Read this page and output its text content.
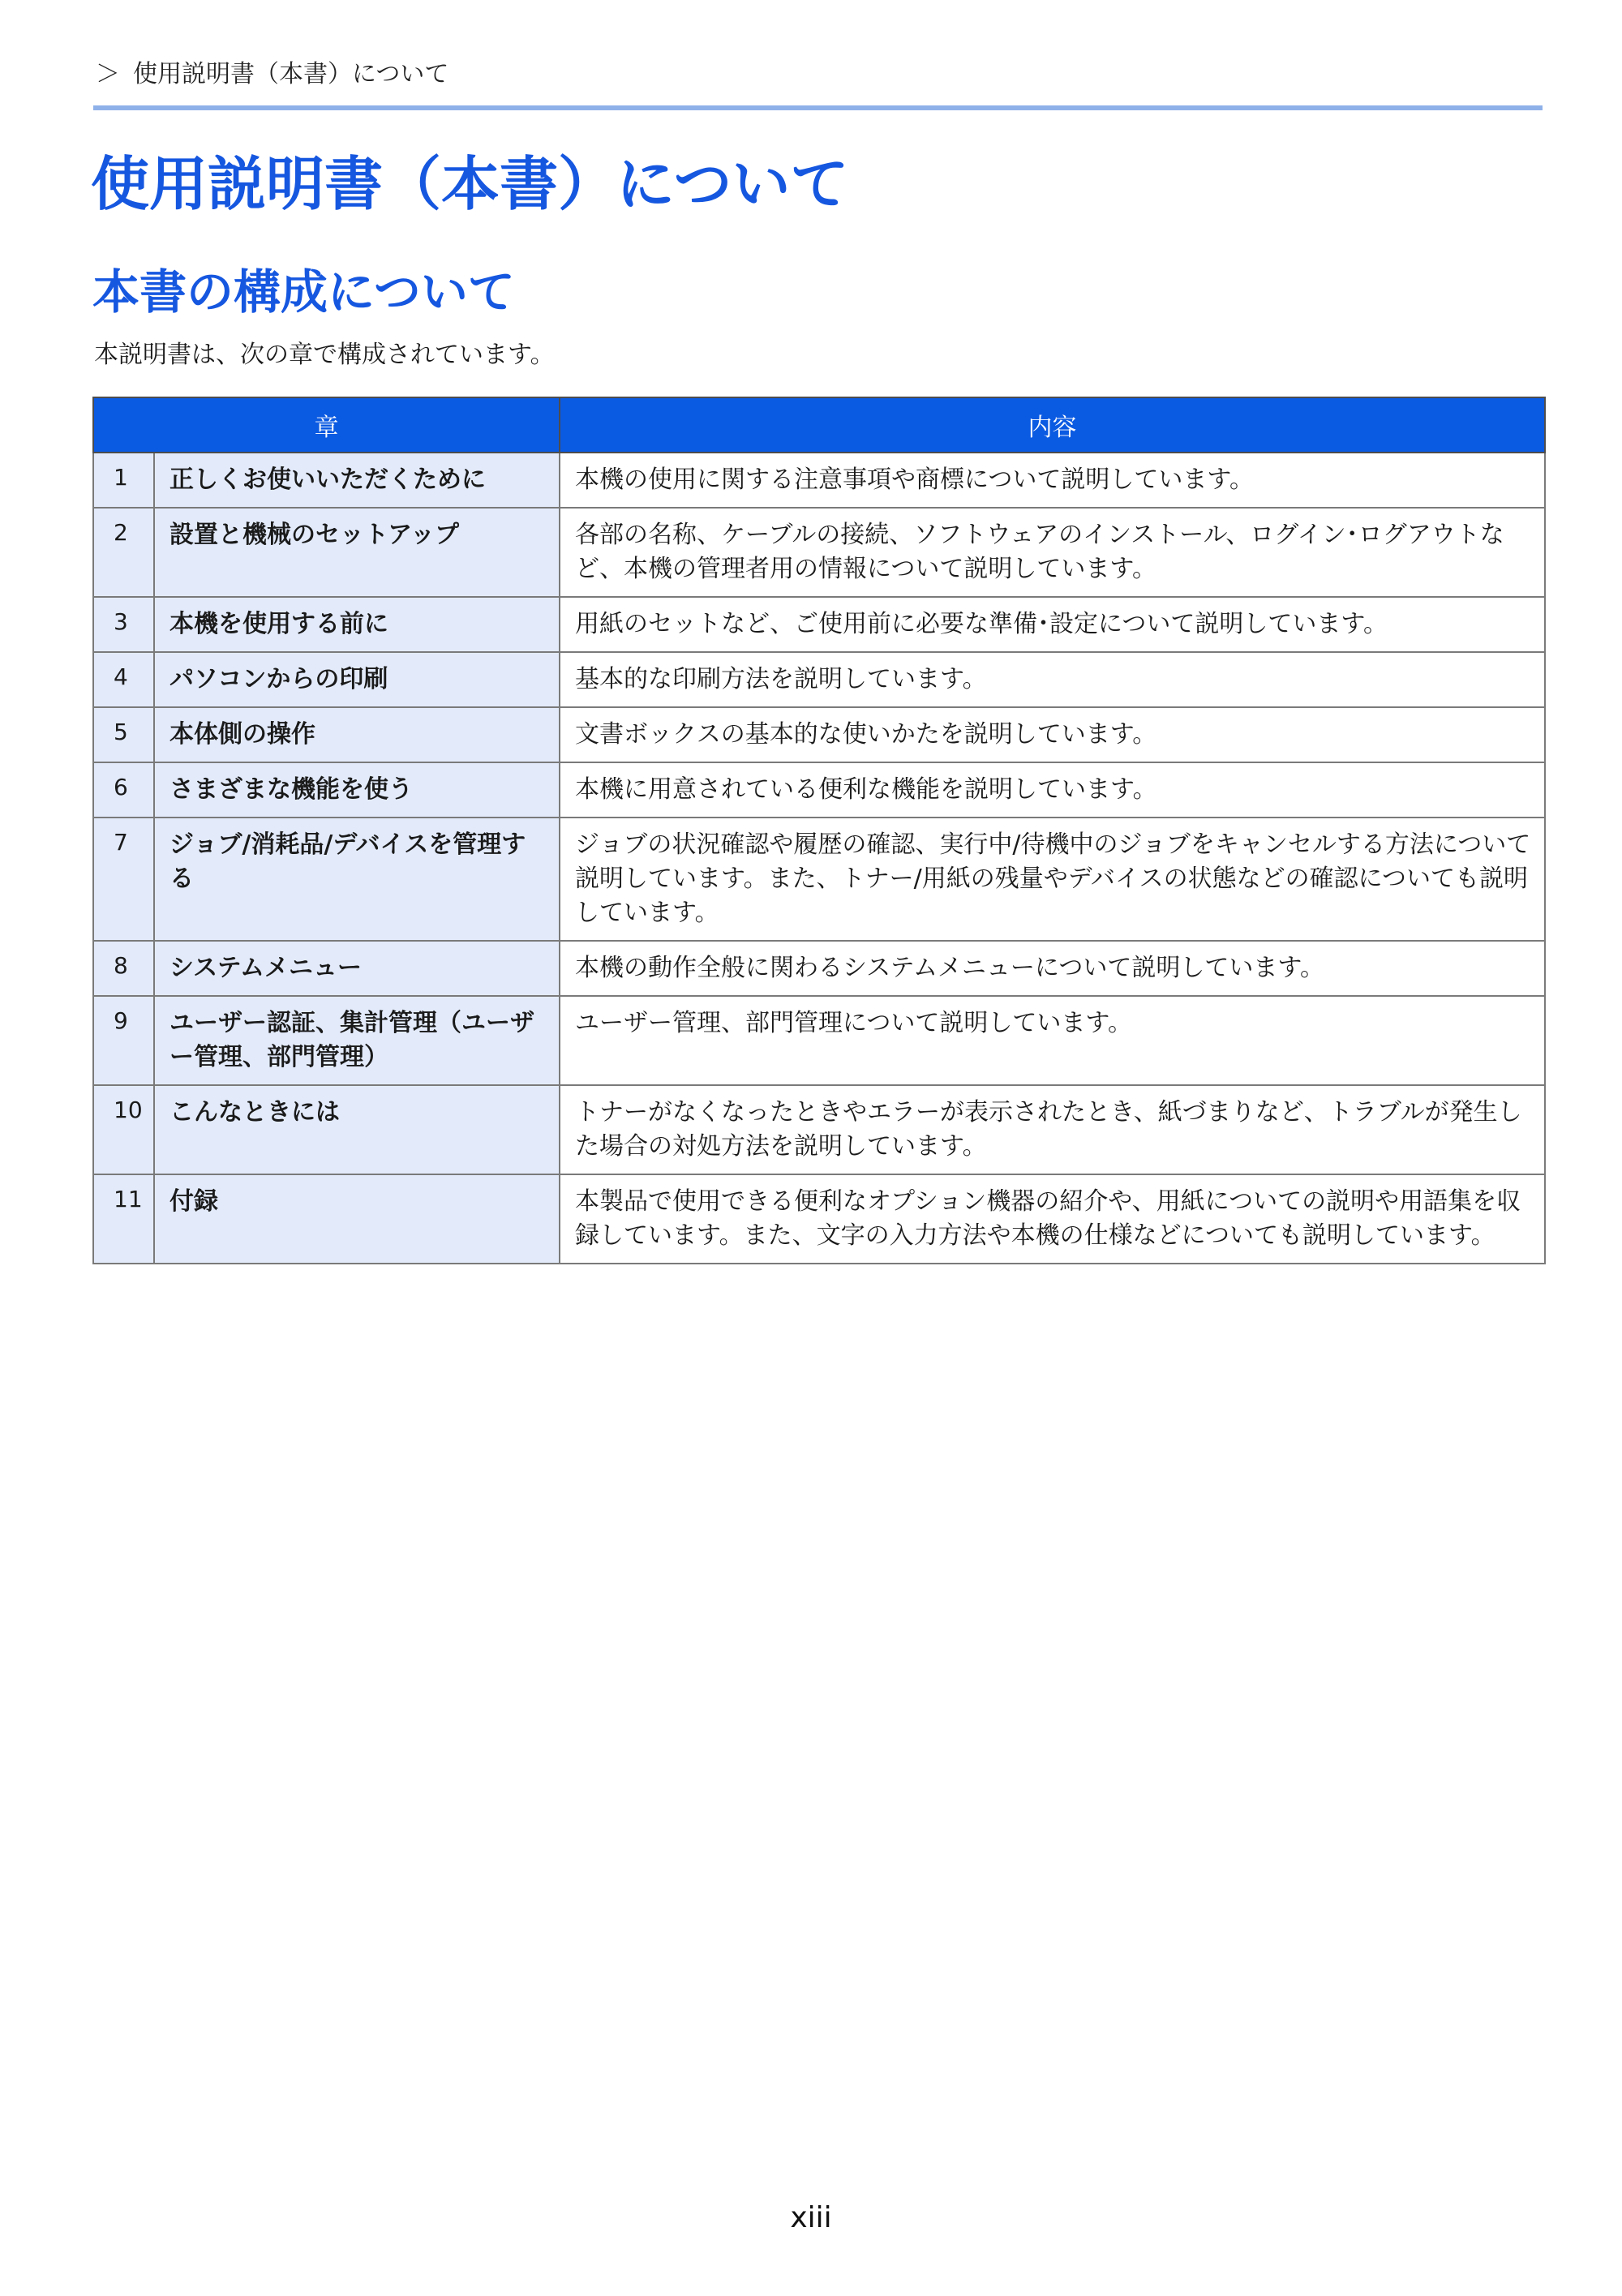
＞ 使用説明書（本書）について
使用説明書（本書）について
本書の構成について

本説明書は、次の章で構成されています。

章		内容
1	正しくお使いいただくために	本機の使用に関する注意事項や商標について説明しています。
2	設置と機械のセットアップ	各部の名称、ケーブルの接続、ソフトウェアのインストール、ログイン･ログアウトなど、本機の管理者用の情報について説明しています。
3	本機を使用する前に	用紙のセットなど、ご使用前に必要な準備･設定について説明しています。
4	パソコンからの印刷	基本的な印刷方法を説明しています。
5	本体側の操作	文書ボックスの基本的な使いかたを説明しています。
6	さまざまな機能を使う	本機に用意されている便利な機能を説明しています。
7	ジョブ/消耗品/デバイスを管理する	ジョブの状況確認や履歴の確認、実行中/待機中のジョブをキャンセルする方法について説明しています。また、トナー/用紙の残量やデバイスの状態などの確認についても説明しています。
8	システムメニュー	本機の動作全般に関わるシステムメニューについて説明しています。
9	ユーザー認証、集計管理（ユーザー管理、部門管理）	ユーザー管理、部門管理について説明しています。
10	こんなときには	トナーがなくなったときやエラーが表示されたとき、紙づまりなど、トラブルが発生した場合の対処方法を説明しています。
11	付録	本製品で使用できる便利なオプション機器の紹介や、用紙についての説明や用語集を収録しています。また、文字の入力方法や本機の仕様などについても説明しています。
xiii
